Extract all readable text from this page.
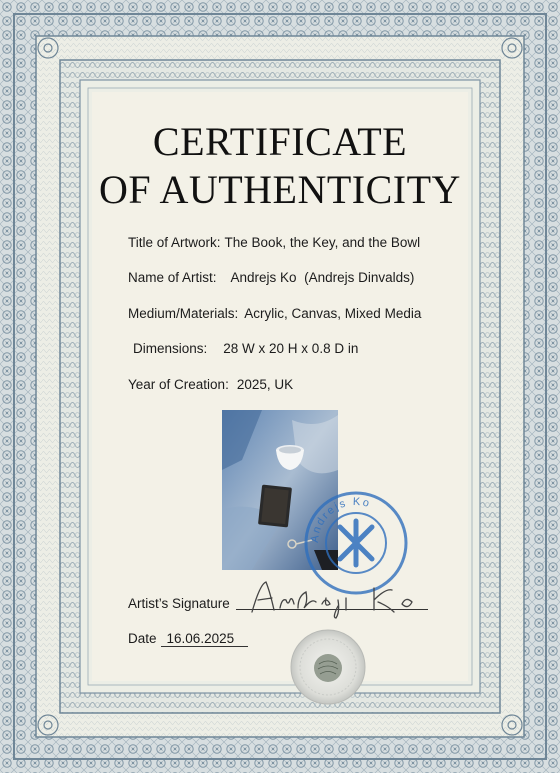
CERTIFICATE
OF AUTHENTICITY
Title of Artwork: The Book, the Key, and the Bowl
Name of Artist: Andrejs Ko  (Andrejs Dinvalds)
Medium/Materials: Acrylic, Canvas, Mixed Media
Dimensions: 28 W x 20 H x 0.8 D in
Year of Creation: 2025, UK
Andrejs Ko
Artist’s Signature
Date 16.06.2025
